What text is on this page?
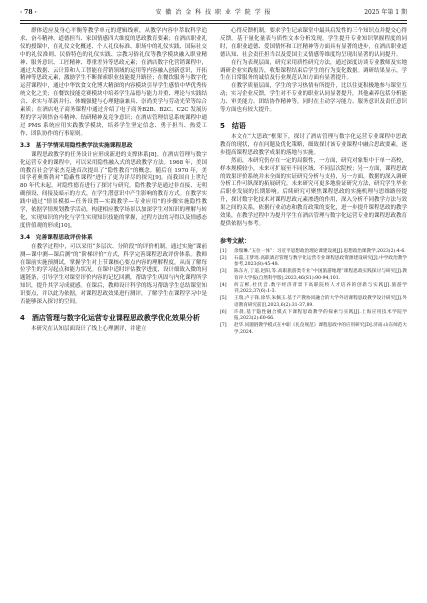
· 78 ·	安 徽 冶 金 科 技 职 业 学 院 学 报	2025 年第 1 期

群体适应及身心平衡等教学单元的逻辑线索，从教学内容中萃取科学追求、奋斗精神、道德担当、家国情感四大维度的思政教育要素；在酒店职业礼仪的授课中，在礼仪文化概述、个人礼仪标准、职场中的礼仪实践、国际社交中的礼仪准则、民俗特色的礼仪实践、宗教习俗礼仪等教学模块融入职业精神、服务意识、工匠精神、尊重差异等思政元素；在酒店数字化营销课程中，通过大数据、云计算和人工智能在营销领域的运用等内容融入创新意识，开拓精神等思政元素，激励学生不断探索职业技能提升路径；在餐饮服务与数字化运营课程中，通过中华饮食文化博大精深的内容模块引导学生感悟中华优秀传统文化之美；在餐饮技能竞赛模块中培养学生品德与能力并重、理论与实践结合、求实与革新并行、体魄强健与心理健康兼具、崇尚美学与劳动光荣等综合素质；在酒店电子商务课程中通过介绍了电子商务B2B、B2C、C2C 发展历程的学习领悟奋斗精神、钻研精神及竞争意识；在酒店管理信息系统课程中通过 PMS 系统应用实践教学模块，培养学生坚定信念、勇于担当、热爱工作、团队协作的行事原则。

3.3　基于学情采用隐性教学法实施课程思政

课程思政教学的任务设计应形成新进的支撑体系[8]。在酒店管理与数字化运营专业的课程中，可以采用隐性融入式的思政教学方法。1968 年，美国的教育社会学家杰克逊首次提出了“隐性教育”的概念。随后在 1970 年，美国学者奥斯勃对“隐蔽性课程”进行了更为详尽的探究[9]。而我国自上世纪 80 年代末起，对隐性德育进行了探讨与研究。隐性教学是通过非直接、无明确预设、间接及暗示的方式，在学生潜意识中产生影响的教育方式。在教学实践中通过“情景模拟—任务设置—实践教学—专业应用”的步骤实施隐性教学，依据学情规划教学活动，构建相应教学场景以加深学生对知识的理解与转化，实现知识的内化与学生实现知识技能的掌握，过程方法的习得以及情感态度价值观的形成[10]。

3.4　完善课程思政评价体系

在教学过程中，可以采用“多层次、分阶段”的评价机制，通过实施“课前测—课中测—课后测”的“阶梯评价”方式，科学完善课程思政评价体系。教师在课前实施预测试，掌握学生对上节课核心要点内容的理解程度，从而了解每位学生的学习起点和能力状况。在课中适时评估教学进度，设计细致入微的问题链条，引导学生对课堂评价内容的记忆回溯，帮助学生巩固与内化课程所学知识，提升其学习成就感。在课后，教师设计科学的练习帮助学生总结课堂知识要点，并以此为依据，对课程思政效果进行测评，了解学生在课程学习中是否能够深入探讨的空间。

4　酒店管理与数字化运营专业课程思政教学优化效果分析

本研究在认知层面设计了线上心理测评，并建立

心得反馈机制，要求学生记录课堂中最具启发性的三个知识点并提交心得反馈。基于量化量表与质性文本分析发现，学生提升专业知识掌握程度的同时，在职业道德、爱国情怀和工匠精神等方面具有显著的进步，在酒店职业道德认知、社会责任担当以及爱国主义情感等维度均呈现出显著的认同提升。

在行为表现层面，研究采用质性研究方法，通过深度访谈专业教师及实地调研企业实践报告，收集课程结束后学生的行为变化数据。调研结果显示，学生在日常服务的诚信及行业规范认知方面有显著提升。

在教学质量层面，学生的学习热情有所提升，比以往更积极地参与课堂互动；实习企业反馈，学生对不专业的职业认同显著提升，其他素养包括分析能力、审美能力、团结协作精神等，同时在主动学习能力、服务意识及责任意识等方面也有较大提升。

5　结语

本文在“大思政”框架下，探讨了酒店管理与数字化运营专业课程中思政教育的现状，存在问题及优化策略，细致探讨该专业课程中融合思政要素，逐步提高课程思政教学成果的落地与实施。

然而，本研究仍存在一定的局限性，一方面，研究对象集中于单一高校，样本规模较小，未来可扩展至不同区域、不同层次院校；另一方面，课程思政的效果评价系统并未全面的实证研究分析与支持，另一方面，数据的深入调研分析工作可纵深的拓展研究。未来研究可更多地验证研究方法，研究学生毕业后职业发展的长期影响。后续研究可聚焦课程思政的实施机理与思维路径提升，探讨数字化技术对课程思政元素渗透的作用，深入分析不同教学方法与效果之间的关系，依据行业动态和教育政策的变化，进一步提升课程思政的教学效果，在教学过程中为提升学生在酒店管理与数字化运营专业的课程思政教育提供依据与参考。

参考文献：
[1]	余瑞琳.“五位一体”：习近平思想政治理论课建设观[J].思想政治课教学,2023(2):4-6.
[2]	石磊,王梦瑶.高职酒店管理与数字化运营专业课程思政资源建设研究[J].中学政治教学参考,2023(8):45-48.
[3]	陈东方,丁道,赵阳,等.高职旅游类专业“中国旅游地理”课程思政实践探讨与研究[J].教育评大学报(自然科学版),2023,46(S1):90-94,101.
[4]	何言彬,杜伏音.数字经济背景下高职院校人才培养的创新与实践[J].旅游学刊,2022,37(6):1-3.
[5]	王瑞,卢子锋,徐华,朱佩玉.基于产教协同融合的大学外语课程思政教学设计研究[J].外语教育研究前沿,2023,6(2):31-37,89.
[6]	许晨,基于隐性融合模式下课程思政教学的探索与实践[J].上海应用技术学院学报,2023(2):60-66.
[7]	赵华.问题链教学模式在中职《礼仪规范》课程思政中的应用研究[D].济南:山东师范大学,2024.
